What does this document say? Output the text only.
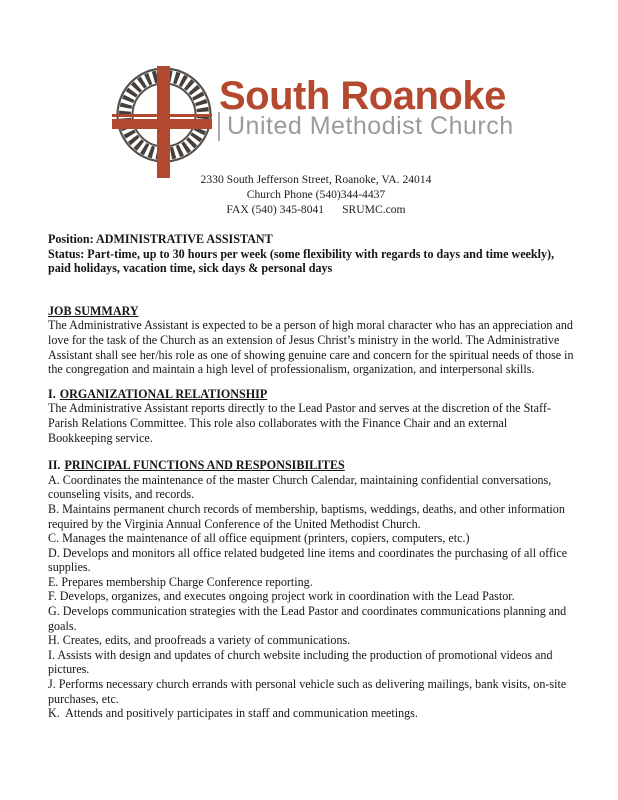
South Roanoke
United Methodist Church
2330 South Jefferson Street, Roanoke, VA. 24014
Church Phone (540)344-4437
FAX (540) 345-8041 SRUMC.com

Position: ADMINISTRATIVE ASSISTANT

Status: Part-time, up to 30 hours per week (some flexibility with regards to days and time weekly), paid holidays, vacation time, sick days & personal days

JOB SUMMARY

The Administrative Assistant is expected to be a person of high moral character who has an appreciation and love for the task of the Church as an extension of Jesus Christ’s ministry in the world. The Administrative Assistant shall see her/his role as one of showing genuine care and concern for the spiritual needs of those in the congregation and maintain a high level of professionalism, organization, and interpersonal skills.

I. ORGANIZATIONAL RELATIONSHIP

The Administrative Assistant reports directly to the Lead Pastor and serves at the discretion of the Staff-Parish Relations Committee. This role also collaborates with the Finance Chair and an external Bookkeeping service.

II. PRINCIPAL FUNCTIONS AND RESPONSIBILITES

A. Coordinates the maintenance of the master Church Calendar, maintaining confidential conversations, counseling visits, and records.

B. Maintains permanent church records of membership, baptisms, weddings, deaths, and other information required by the Virginia Annual Conference of the United Methodist Church.

C. Manages the maintenance of all office equipment (printers, copiers, computers, etc.)

D. Develops and monitors all office related budgeted line items and coordinates the purchasing of all office supplies.

E. Prepares membership Charge Conference reporting.

F. Develops, organizes, and executes ongoing project work in coordination with the Lead Pastor.

G. Develops communication strategies with the Lead Pastor and coordinates communications planning and goals.

H. Creates, edits, and proofreads a variety of communications.

I. Assists with design and updates of church website including the production of promotional videos and pictures.

J. Performs necessary church errands with personal vehicle such as delivering mailings, bank visits, on-site purchases, etc.

K.  Attends and positively participates in staff and communication meetings.
